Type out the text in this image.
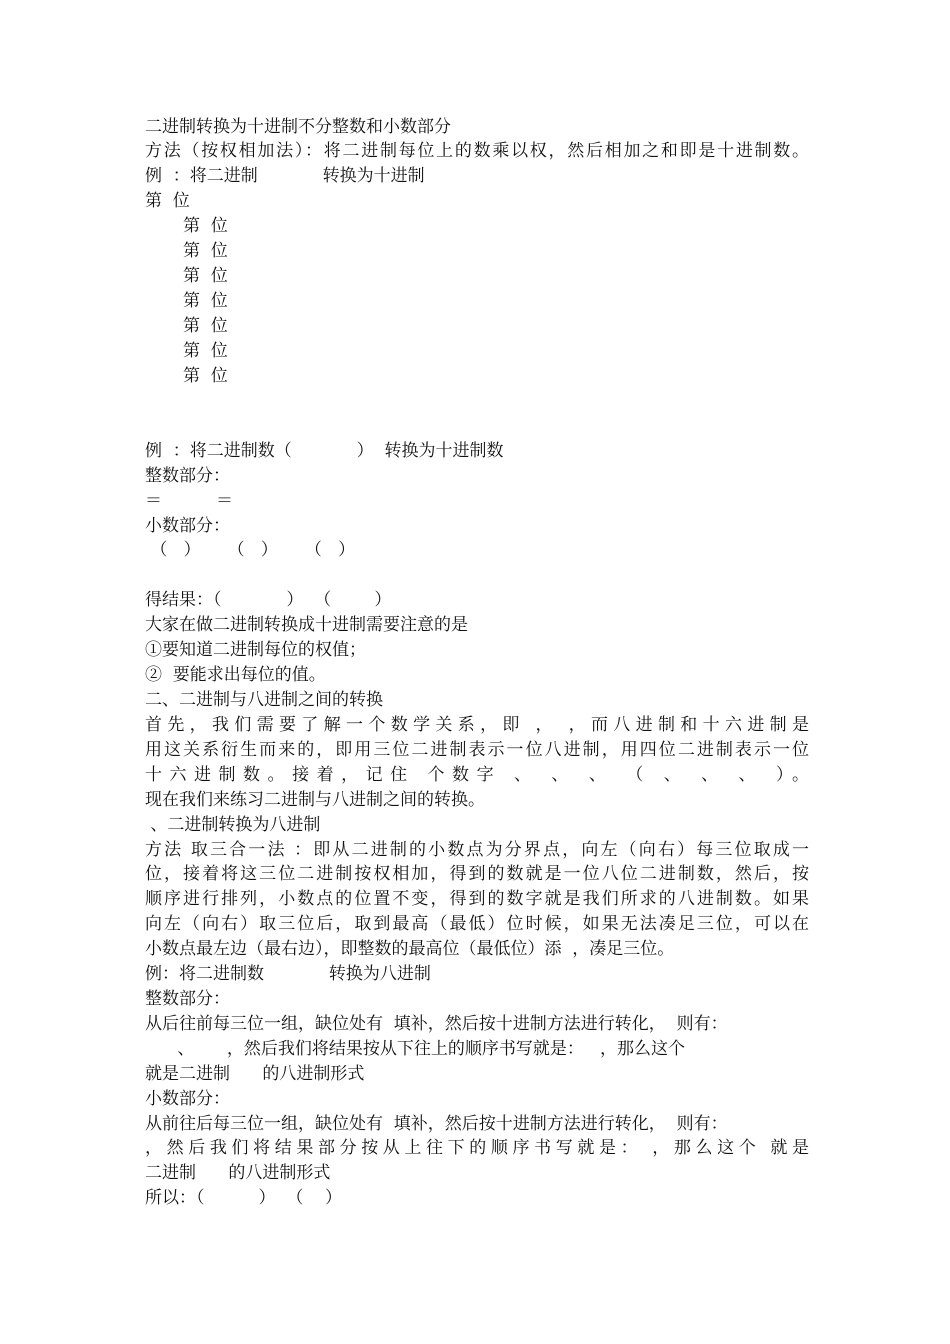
二进制转换为十进制不分整数和小数部分

方法（按权相加法）：将二进制每位上的数乘以权，然后相加之和即是十进制数。

例  ：将二进制            转换为十进制

第  位

第  位

第  位

第  位

第  位

第  位

第  位

第  位

例  ：将二进制数（            ）  转换为十进制数

整数部分：

＝          ＝

小数部分：

（   ）     （   ）     （   ）

得结果：（            ）  （        ）

大家在做二进制转换成十进制需要注意的是

①要知道二进制每位的权值；

②  要能求出每位的值。

二、二进制与八进制之间的转换

首先，我们需要了解一个数学关系，即 ， ，而八进制和十六进制是

用这关系衍生而来的，即用三位二进制表示一位八进制，用四位二进制表示一位

十六进制数。接着，记住 个数字 、 、 、 （ 、 、 、 ）。

现在我们来练习二进制与八进制之间的转换。

、二进制转换为八进制

方法 取三合一法 ：即从二进制的小数点为分界点，向左（向右）每三位取成一

位，接着将这三位二进制按权相加，得到的数就是一位八位二进制数，然后，按

顺序进行排列，小数点的位置不变，得到的数字就是我们所求的八进制数。如果

向左（向右）取三位后，取到最高（最低）位时候，如果无法凑足三位，可以在

小数点最左边（最右边），即整数的最高位（最低位）添  ，凑足三位。

例：将二进制数            转换为八进制

整数部分：

从后往前每三位一组，缺位处有  填补，然后按十进制方法进行转化，  则有：

、      ，然后我们将结果按从下往上的顺序书写就是：   ，那么这个

就是二进制      的八进制形式

小数部分：

从前往后每三位一组，缺位处有  填补，然后按十进制方法进行转化，  则有：

，然后我们将结果部分按从上往下的顺序书写就是： ，那么这个 就是

二进制      的八进制形式

所以：（          ）  （    ）
